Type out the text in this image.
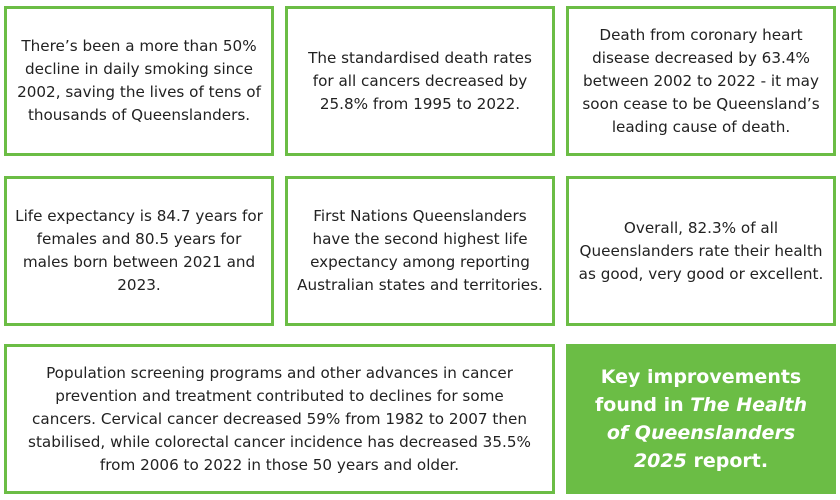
There’s been a more than 50% decline in daily smoking since 2002, saving the lives of tens of thousands of Queenslanders.

The standardised death rates for all cancers decreased by 25.8% from 1995 to 2022.

Death from coronary heart disease decreased by 63.4% between 2002 to 2022 - it may soon cease to be Queensland’s leading cause of death.

Life expectancy is 84.7 years for females and 80.5 years for males born between 2021 and 2023.

First Nations Queenslanders have the second highest life expectancy among reporting Australian states and territories.

Overall, 82.3% of all Queenslanders rate their health as good, very good or excellent.

Population screening programs and other advances in cancer prevention and treatment contributed to declines for some cancers. Cervical cancer decreased 59% from 1982 to 2007 then stabilised, while colorectal cancer incidence has decreased 35.5% from 2006 to 2022 in those 50 years and older.

Key improvements found in The Health of Queenslanders 2025 report.
